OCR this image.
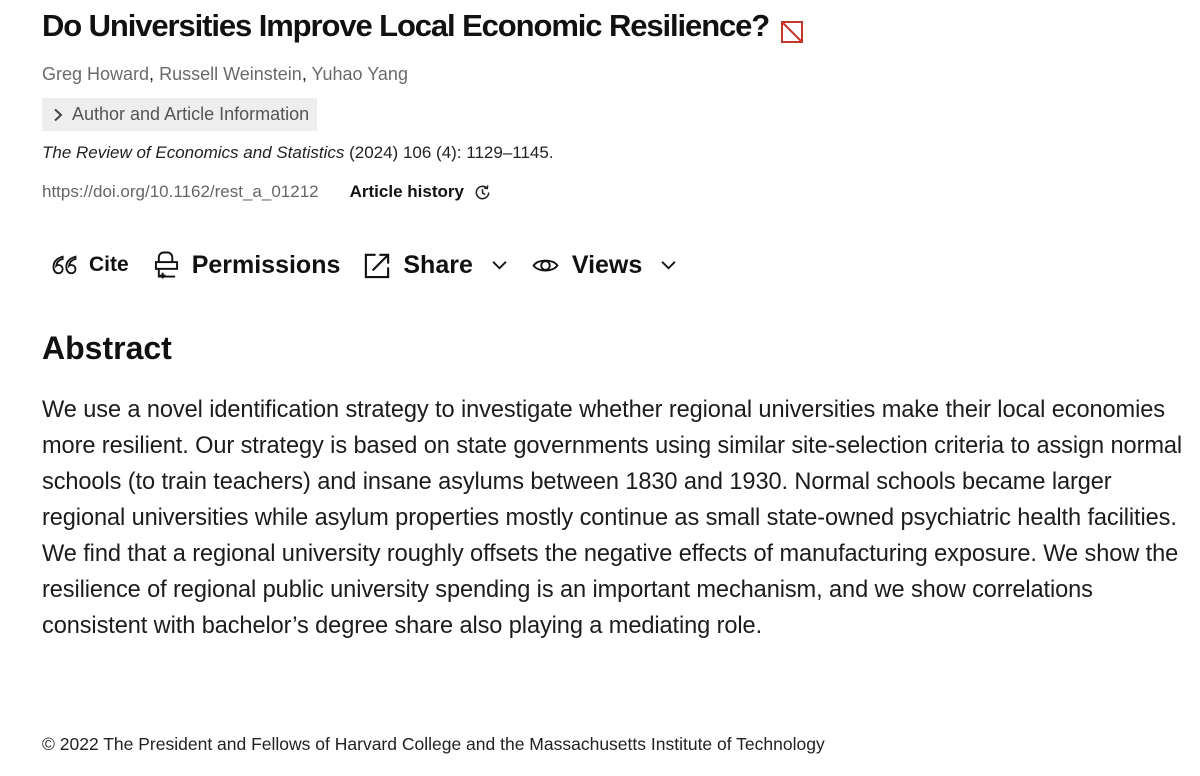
Do Universities Improve Local Economic Resilience?
Greg Howard, Russell Weinstein, Yuhao Yang
Author and Article Information
The Review of Economics and Statistics (2024) 106 (4): 1129–1145.
https://doi.org/10.1162/rest_a_01212 Article history
Cite	Permissions	Share	Views
Abstract

We use a novel identification strategy to investigate whether regional universities make their local economies more resilient. Our strategy is based on state governments using similar site-selection criteria to assign normal schools (to train teachers) and insane asylums between 1830 and 1930. Normal schools became larger regional universities while asylum properties mostly continue as small state-owned psychiatric health facilities. We find that a regional university roughly offsets the negative effects of manufacturing exposure. We show the resilience of regional public university spending is an important mechanism, and we show correlations consistent with bachelor’s degree share also playing a mediating role.

© 2022 The President and Fellows of Harvard College and the Massachusetts Institute of Technology
